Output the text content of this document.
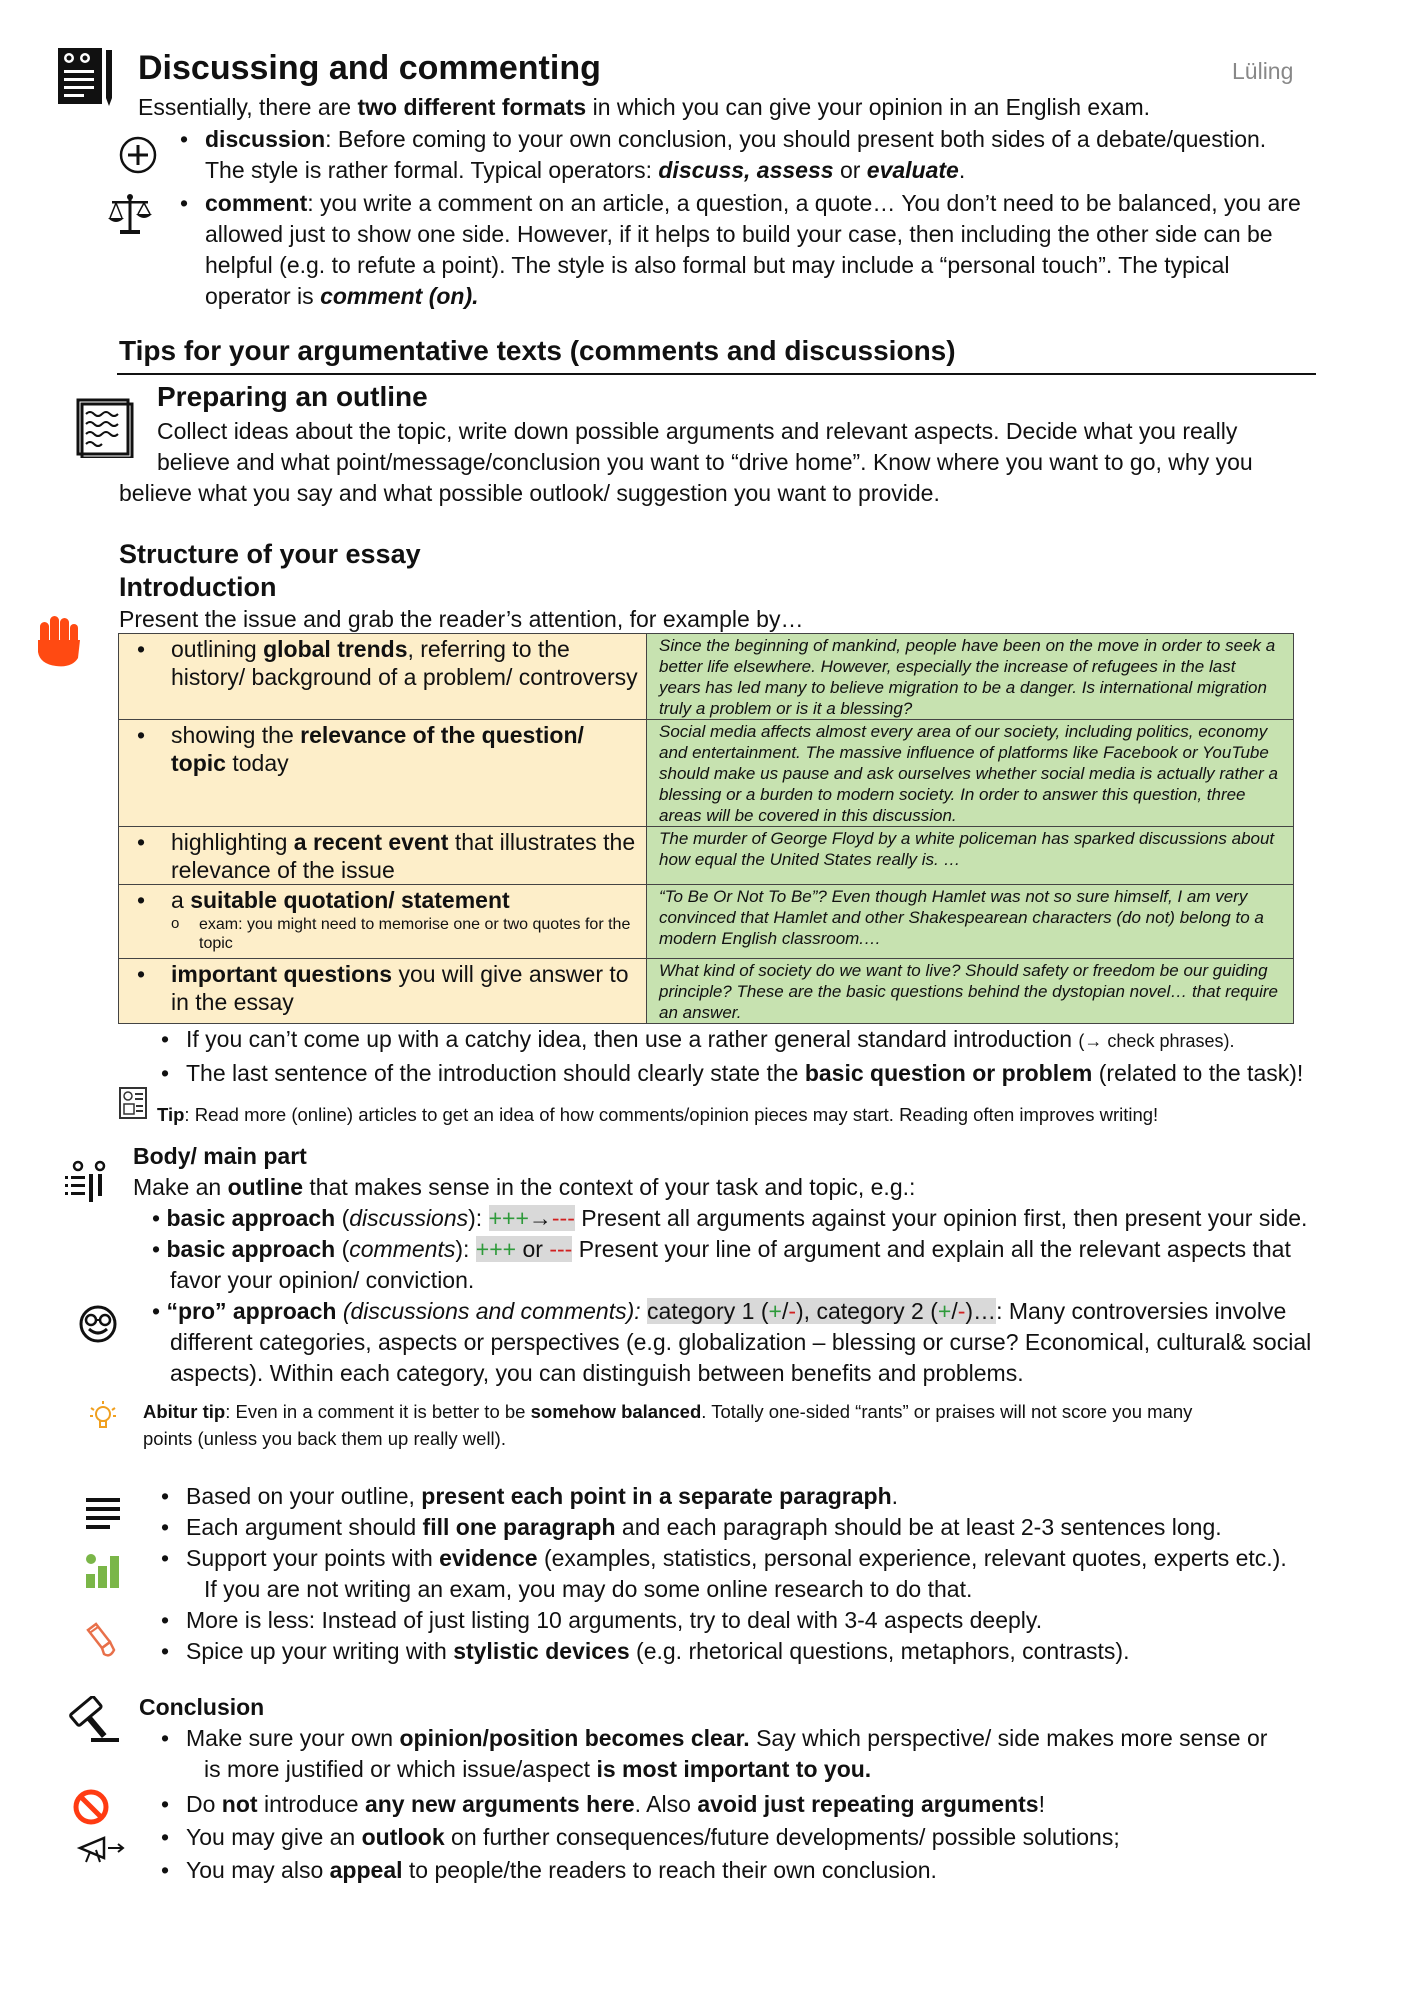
Discussing and commenting	Lüling
Essentially, there are two different formats in which you can give your opinion in an English exam.
• discussion: Before coming to your own conclusion, you should present both sides of a debate/question.
The style is rather formal. Typical operators: discuss, assess or evaluate.
• comment: you write a comment on an article, a question, a quote… You don’t need to be balanced, you are
allowed just to show one side. However, if it helps to build your case, then including the other side can be
helpful (e.g. to refute a point). The style is also formal but may include a “personal touch”. The typical
operator is comment (on).
Tips for your argumentative texts (comments and discussions)
Preparing an outline
Collect ideas about the topic, write down possible arguments and relevant aspects. Decide what you really
believe and what point/message/conclusion you want to “drive home”. Know where you want to go, why you
believe what you say and what possible outlook/ suggestion you want to provide.
Structure of your essay
Introduction
Present the issue and grab the reader’s attention, for example by…
• outlining global trends, referring to the history/ background of a problem/ controversy	Since the beginning of mankind, people have been on the move in order to seek a better life elsewhere. However, especially the increase of refugees in the last years has led many to believe migration to be a danger. Is international migration truly a problem or is it a blessing?

• showing the relevance of the question/ topic today	Social media affects almost every area of our society, including politics, economy and entertainment. The massive influence of platforms like Facebook or YouTube should make us pause and ask ourselves whether social media is actually rather a blessing or a burden to modern society. In order to answer this question, three areas will be covered in this discussion.

• highlighting a recent event that illustrates the relevance of the issue	The murder of George Floyd by a white policeman has sparked discussions about how equal the United States really is. …

• a suitable quotation/ statement
o exam: you might need to memorise one or two quotes for the topic	“To Be Or Not To Be”? Even though Hamlet was not so sure himself, I am very convinced that Hamlet and other Shakespearean characters (do not) belong to a modern English classroom.…

• important questions you will give answer to in the essay	What kind of society do we want to live? Should safety or freedom be our guiding principle? These are the basic questions behind the dystopian novel… that require an answer.
• If you can’t come up with a catchy idea, then use a rather general standard introduction (→ check phrases).
• The last sentence of the introduction should clearly state the basic question or problem (related to the task)!
Tip: Read more (online) articles to get an idea of how comments/opinion pieces may start. Reading often improves writing!
Body/ main part
Make an outline that makes sense in the context of your task and topic, e.g.:
• basic approach (discussions): +++→--- Present all arguments against your opinion first, then present your side.
• basic approach (comments): +++ or --- Present your line of argument and explain all the relevant aspects that
favor your opinion/ conviction.
• “pro” approach (discussions and comments): category 1 (+/-), category 2 (+/-)…: Many controversies involve
different categories, aspects or perspectives (e.g. globalization – blessing or curse? Economical, cultural& social
aspects). Within each category, you can distinguish between benefits and problems.
Abitur tip: Even in a comment it is better to be somehow balanced. Totally one-sided “rants” or praises will not score you many
points (unless you back them up really well).
• Based on your outline, present each point in a separate paragraph.
• Each argument should fill one paragraph and each paragraph should be at least 2-3 sentences long.
• Support your points with evidence (examples, statistics, personal experience, relevant quotes, experts etc.).
If you are not writing an exam, you may do some online research to do that.
• More is less: Instead of just listing 10 arguments, try to deal with 3-4 aspects deeply.
• Spice up your writing with stylistic devices (e.g. rhetorical questions, metaphors, contrasts).
Conclusion
• Make sure your own opinion/position becomes clear. Say which perspective/ side makes more sense or
is more justified or which issue/aspect is most important to you.
• Do not introduce any new arguments here. Also avoid just repeating arguments!
• You may give an outlook on further consequences/future developments/ possible solutions;
• You may also appeal to people/the readers to reach their own conclusion.
